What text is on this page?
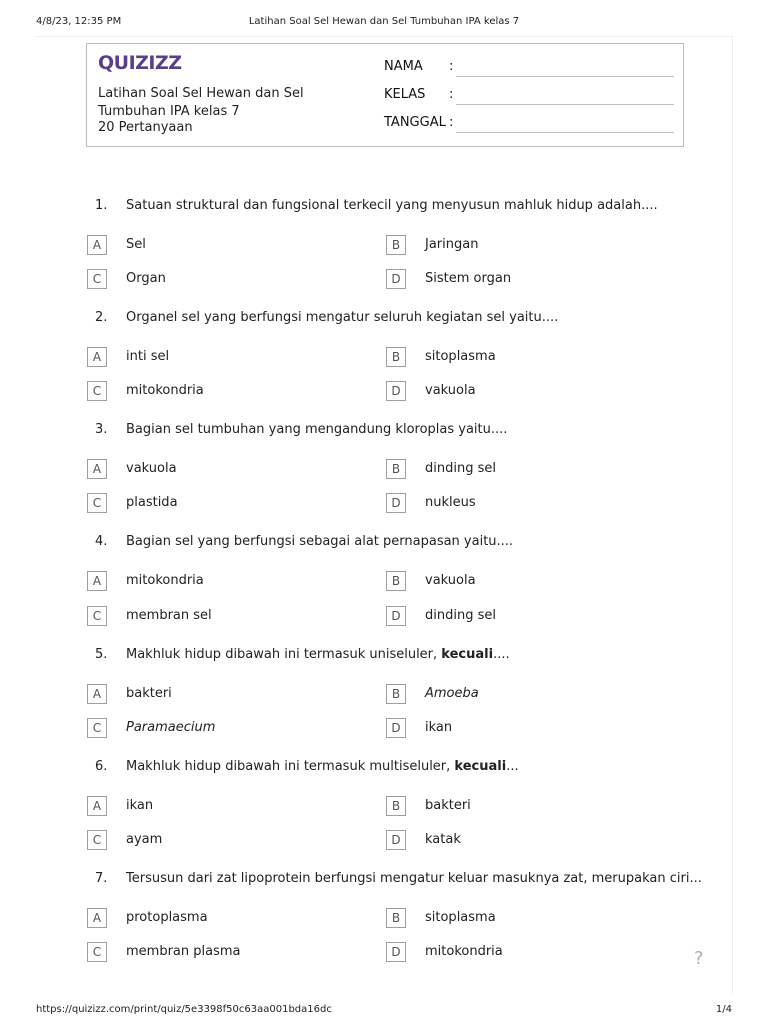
4/8/23, 12:35 PM	Latihan Soal Sel Hewan dan Sel Tumbuhan IPA kelas 7
QUIZIZZ
Latihan Soal Sel Hewan dan Sel Tumbuhan IPA kelas 7
20 Pertanyaan
NAMA :
KELAS :
TANGGAL :
1. Satuan struktural dan fungsional terkecil yang menyusun mahluk hidup adalah....
A	Sel	B	Jaringan
C	Organ	D	Sistem organ
2. Organel sel yang berfungsi mengatur seluruh kegiatan sel yaitu....
A	inti sel	B	sitoplasma
C	mitokondria	D	vakuola
3. Bagian sel tumbuhan yang mengandung kloroplas yaitu....
A	vakuola	B	dinding sel
C	plastida	D	nukleus
4. Bagian sel yang berfungsi sebagai alat pernapasan yaitu....
A	mitokondria	B	vakuola
C	membran sel	D	dinding sel
5. Makhluk hidup dibawah ini termasuk uniseluler, kecuali....
A	bakteri	B	Amoeba
C	Paramaecium	D	ikan
6. Makhluk hidup dibawah ini termasuk multiseluler, kecuali...
A	ikan	B	bakteri
C	ayam	D	katak
7. Tersusun dari zat lipoprotein berfungsi mengatur keluar masuknya zat, merupakan ciri...
A	protoplasma	B	sitoplasma
C	membran plasma	D	mitokondria	?
https://quizizz.com/print/quiz/5e3398f50c63aa001bda16dc	1/4
